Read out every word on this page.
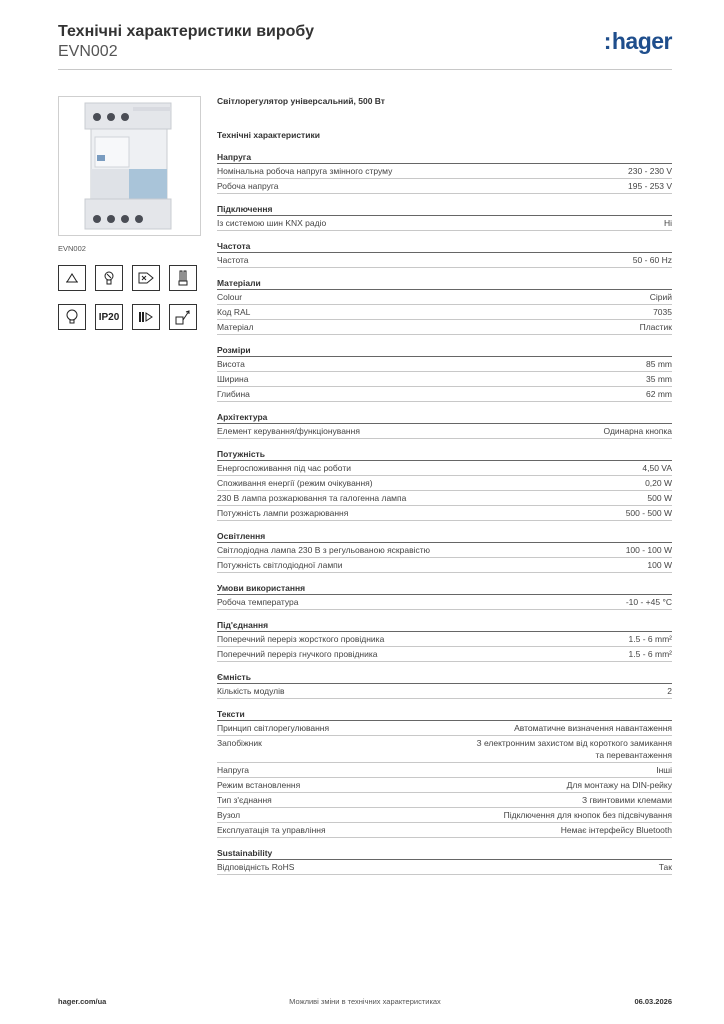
Технічні характеристики виробу
EVN002	:hager
EVN002
IP20
Світлорегулятор універсальний, 500 Вт
Технічні характеристики
Напруга
Номінальна робоча напруга змінного струму	230 - 230 V
Робоча напруга	195 - 253 V
Підключення
Із системою шин KNX радіо	Ні
Частота
Частота	50 - 60 Hz
Матеріали
Colour	Сірий
Код RAL	7035
Матеріал	Пластик
Розміри
Висота	85 mm
Ширина	35 mm
Глибина	62 mm
Архітектура
Елемент керування/функціонування	Одинарна кнопка
Потужність
Енергоспоживання під час роботи	4,50 VA
Споживання енергії (режим очікування)	0,20 W
230 В лампа розжарювання та галогенна лампа	500 W
Потужність лампи розжарювання	500 - 500 W
Освітлення
Світлодіодна лампа 230 В з регульованою яскравістю	100 - 100 W
Потужність світлодіодної лампи	100 W
Умови використання
Робоча температура	-10 - +45 °C
Під'єднання
Поперечний переріз жорсткого провідника	1.5 - 6 mm²
Поперечний переріз гнучкого провідника	1.5 - 6 mm²
Ємність
Кількість модулів	2
Тексти
Принцип світлорегулювання	Автоматичне визначення навантаження
Запобіжник	З електронним захистом від короткого замикання та перевантаження
Напруга	Інші
Режим встановлення	Для монтажу на DIN-рейку
Тип з'єднання	З гвинтовими клемами
Вузол	Підключення для кнопок без підсвічування
Експлуатація та управління	Немає інтерфейсу Bluetooth
Sustainability
Відповідність RoHS	Так
hager.com/ua	Можливі зміни в технічних характеристиках	06.03.2026
